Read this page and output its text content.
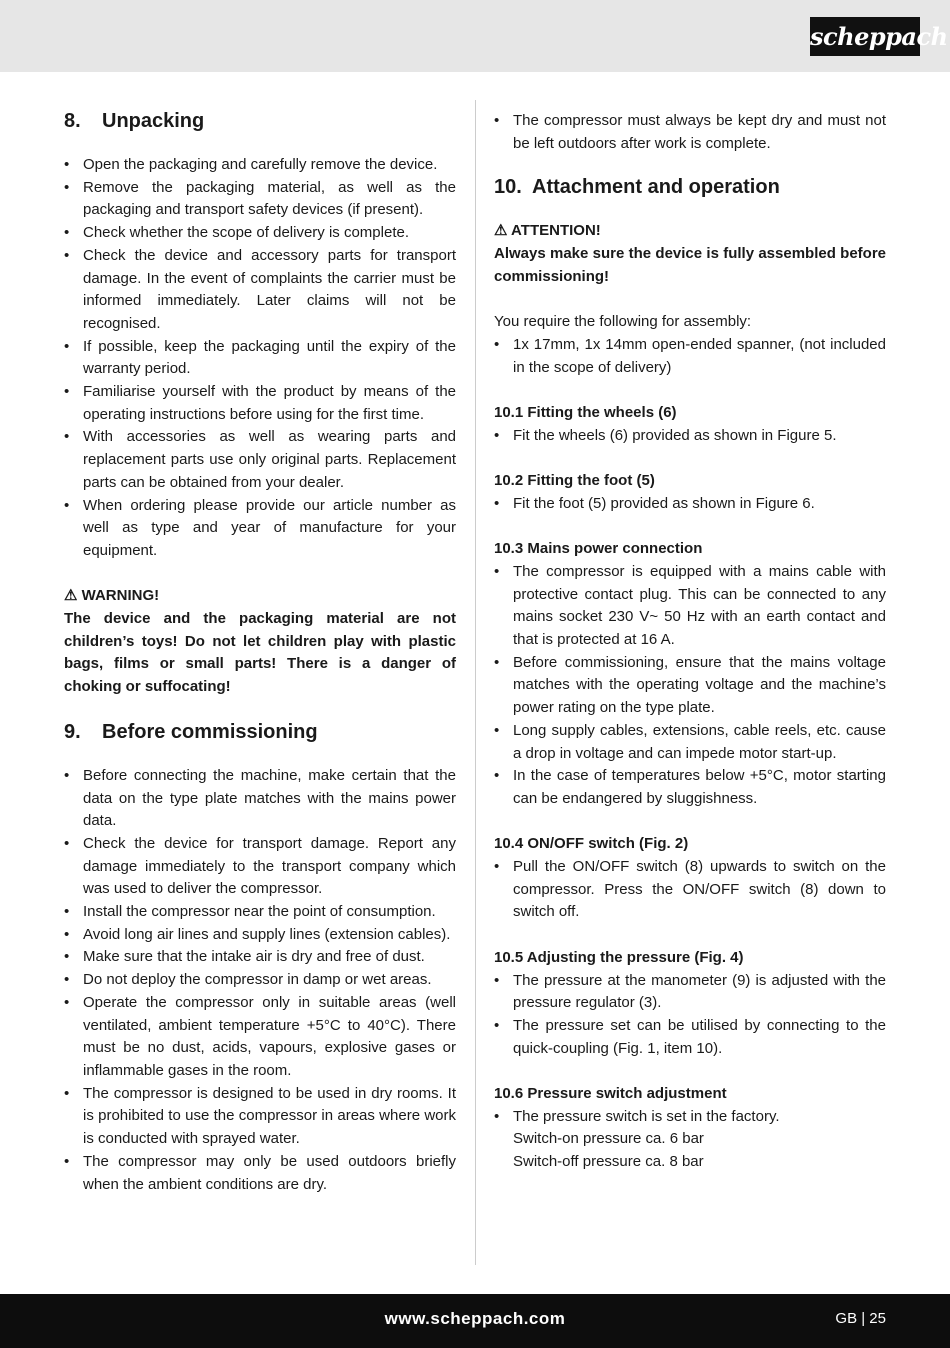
scheppach
8.	Unpacking
• Open the packaging and carefully remove the device.
• Remove the packaging material, as well as the packaging and transport safety devices (if present).
• Check whether the scope of delivery is complete.
• Check the device and accessory parts for transport damage. In the event of complaints the carrier must be informed immediately. Later claims will not be recognised.
• If possible, keep the packaging until the expiry of the warranty period.
• Familiarise yourself with the product by means of the operating instructions before using for the first time.
• With accessories as well as wearing parts and replacement parts use only original parts. Replacement parts can be obtained from your dealer.
• When ordering please provide our article number as well as type and year of manufacture for your equipment.
⚠ WARNING!

The device and the packaging material are not children’s toys! Do not let children play with plastic bags, films or small parts! There is a danger of choking or suffocating!

9.	Before commissioning
• Before connecting the machine, make certain that the data on the type plate matches with the mains power data.
• Check the device for transport damage. Report any damage immediately to the transport company which was used to deliver the compressor.
• Install the compressor near the point of consumption.
• Avoid long air lines and supply lines (extension cables).
• Make sure that the intake air is dry and free of dust.
• Do not deploy the compressor in damp or wet areas.
• Operate the compressor only in suitable areas (well ventilated, ambient temperature +5°C to 40°C). There must be no dust, acids, vapours, explosive gases or inflammable gases in the room.
• The compressor is designed to be used in dry rooms. It is prohibited to use the compressor in areas where work is conducted with sprayed water.
• The compressor may only be used outdoors briefly when the ambient conditions are dry.
• The compressor must always be kept dry and must not be left outdoors after work is complete.
10. Attachment and operation
⚠ ATTENTION!

Always make sure the device is fully assembled before commissioning!

You require the following for assembly:

• 1x 17mm, 1x 14mm open-ended spanner, (not included in the scope of delivery)
10.1 Fitting the wheels (6)
• Fit the wheels (6) provided as shown in Figure 5.
10.2 Fitting the foot (5)
• Fit the foot (5) provided as shown in Figure 6.
10.3 Mains power connection
• The compressor is equipped with a mains cable with protective contact plug. This can be connected to any mains socket 230 V~ 50 Hz with an earth contact and that is protected at 16 A.
• Before commissioning, ensure that the mains voltage matches with the operating voltage and the machine’s power rating on the type plate.
• Long supply cables, extensions, cable reels, etc. cause a drop in voltage and can impede motor start-up.
• In the case of temperatures below +5°C, motor starting can be endangered by sluggishness.
10.4 ON/OFF switch (Fig. 2)
• Pull the ON/OFF switch (8) upwards to switch on the compressor. Press the ON/OFF switch (8) down to switch off.
10.5 Adjusting the pressure (Fig. 4)
• The pressure at the manometer (9) is adjusted with the pressure regulator (3).
• The pressure set can be utilised by connecting to the quick-coupling (Fig. 1, item 10).
10.6 Pressure switch adjustment
• The pressure switch is set in the factory.
Switch-on pressure ca. 6 bar
Switch-off pressure ca. 8 bar
www.scheppach.com	GB | 25
